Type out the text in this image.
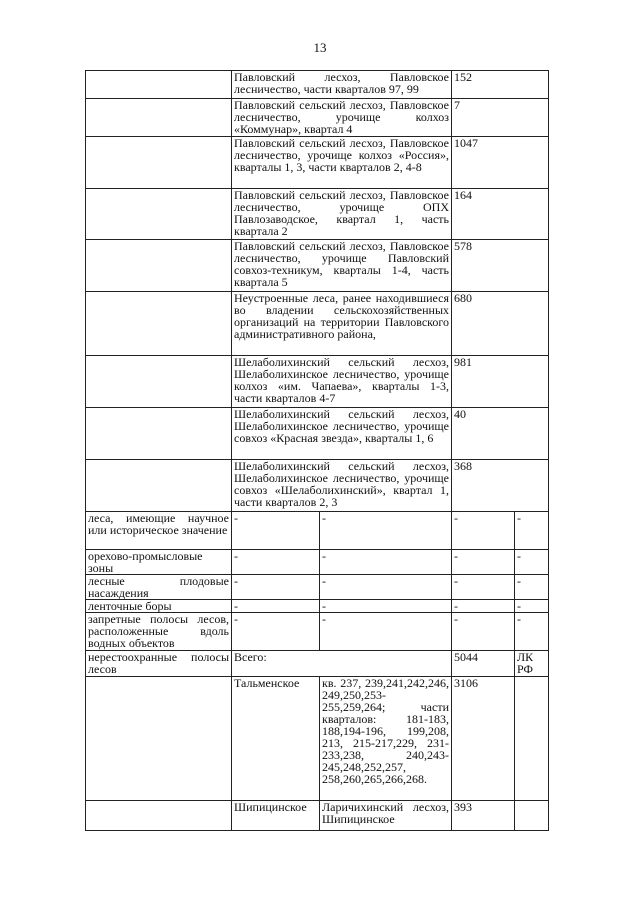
13
	Павловский лесхоз, Павловское лесничество, части кварталов 97, 99		152	
	Павловский сельский лесхоз, Павловское лесничество, урочище колхоз «Коммунар», квартал 4		7	
	Павловский сельский лесхоз, Павловское лесничество, урочище колхоз «Россия», кварталы 1, 3, части кварталов 2, 4-8		1047	
	Павловский сельский лесхоз, Павловское лесничество, урочище ОПХ Павлозаводское, квартал 1, часть квартала 2		164	
	Павловский сельский лесхоз, Павловское лесничество, урочище Павловский совхоз-техникум, кварталы 1-4, часть квартала 5		578	
	Неустроенные леса, ранее находившиеся во владении сельскохозяйственных организаций на территории Павловского административного района,		680	
	Шелаболихинский сельский лесхоз, Шелаболихинское лесничество, урочище колхоз «им. Чапаева», кварталы 1-3, части кварталов 4-7		981	
	Шелаболихинский сельский лесхоз, Шелаболихинское лесничество, урочище совхоз «Красная звезда», кварталы 1, 6		40	
	Шелаболихинский сельский лесхоз, Шелаболихинское лесничество, урочище совхоз «Шелаболихинский», квартал 1, части кварталов 2, 3		368	
леса, имеющие научное или историческое значение	-	-	-	-
орехово-промысловые зоны	-	-	-	-
лесные плодовые насаждения	-	-	-	-
ленточные боры	-	-	-	-
запретные полосы лесов, расположенные вдоль водных объектов	-	-	-	-
нерестоохранные полосы лесов	Всего:		5044	ЛК РФ
	Тальменское	кв. 237, 239,241,242,246, 249,250,253-255,259,264; части кварталов: 181-183, 188,194-196, 199,208, 213, 215-217,229, 231-233,238, 240,243-245,248,252,257, 258,260,265,266,268.	3106	
	Шипицинское	Ларичихинский лесхоз, Шипицинское	393	
